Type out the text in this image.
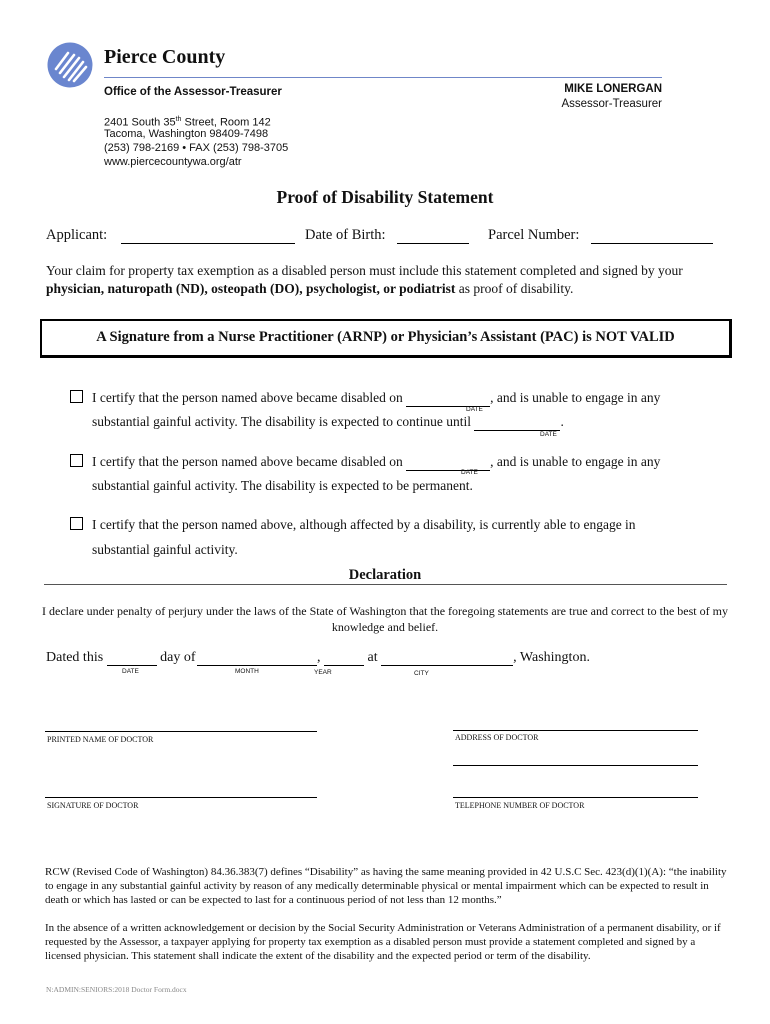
Pierce County
Office of the Assessor-Treasurer	MIKE LONERGAN
Assessor-Treasurer
2401 South 35th Street, Room 142
Tacoma, Washington 98409-7498
(253) 798-2169 • FAX (253) 798-3705
www.piercecountywa.org/atr
Proof of Disability Statement
Applicant:	Date of Birth:	Parcel Number:
Your claim for property tax exemption as a disabled person must include this statement completed and signed by your physician, naturopath (ND), osteopath (DO), psychologist, or podiatrist as proof of disability.
A Signature from a Nurse Practitioner (ARNP) or Physician’s Assistant (PAC) is NOT VALID
I certify that the person named above became disabled on	, and is unable to engage in any
DATE
substantial gainful activity. The disability is expected to continue until	.
DATE
I certify that the person named above became disabled on	, and is unable to engage in any
DATE
substantial gainful activity. The disability is expected to be permanent.
I certify that the person named above, although affected by a disability, is currently able to engage in
substantial gainful activity.
Declaration
I declare under penalty of perjury under the laws of the State of Washington that the foregoing statements are true and correct to the best of my knowledge and belief.
Dated this	day of	,	at	, Washington.
DATE	MONTH	YEAR	CITY
PRINTED NAME OF DOCTOR	ADDRESS OF DOCTOR
SIGNATURE OF DOCTOR	TELEPHONE NUMBER OF DOCTOR
RCW (Revised Code of Washington) 84.36.383(7) defines “Disability” as having the same meaning provided in 42 U.S.C Sec. 423(d)(1)(A): “the inability to engage in any substantial gainful activity by reason of any medically determinable physical or mental impairment which can be expected to result in death or which has lasted or can be expected to last for a continuous period of not less than 12 months.”
In the absence of a written acknowledgement or decision by the Social Security Administration or Veterans Administration of a permanent disability, or if requested by the Assessor, a taxpayer applying for property tax exemption as a disabled person must provide a statement completed and signed by a licensed physician. This statement shall indicate the extent of the disability and the expected period or term of the disability.
N:ADMIN:SENIORS:2018 Doctor Form.docx
